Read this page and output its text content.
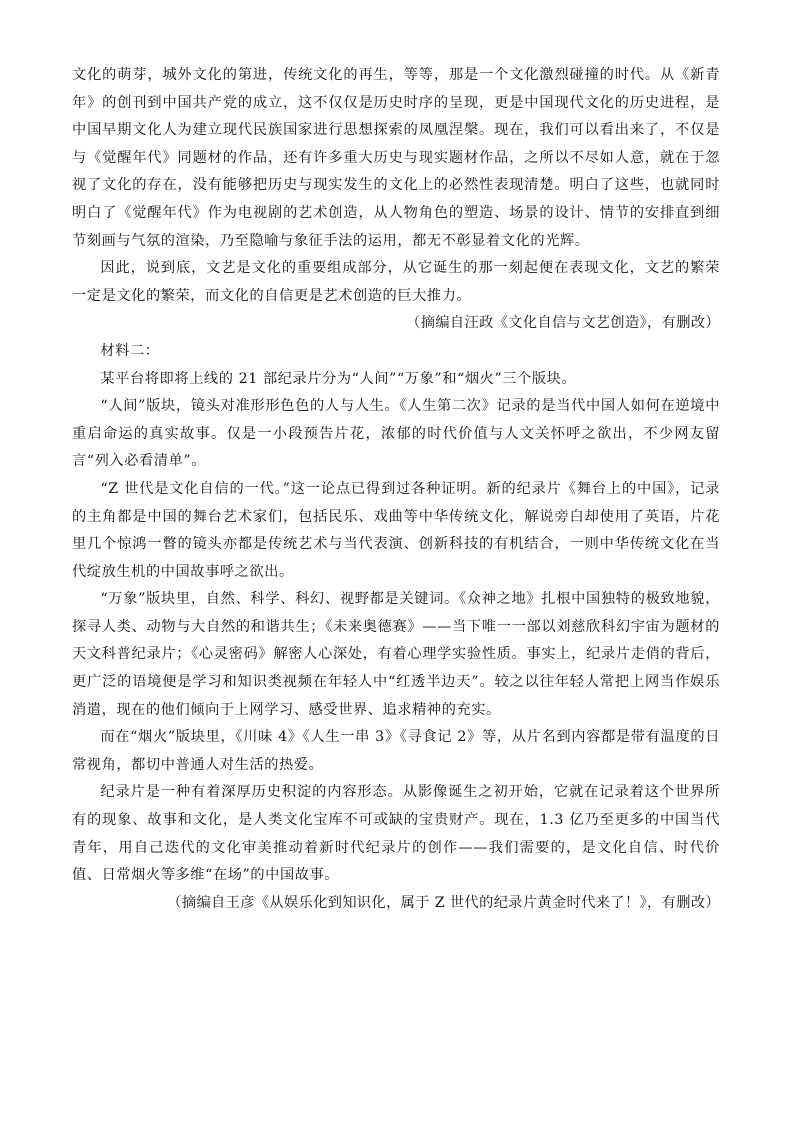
文化的萌芽，城外文化的第进，传统文化的再生，等等，那是一个文化激烈碰撞的时代。从《新青年》的创刊到中国共产党的成立，这不仅仅是历史时序的呈现，更是中国现代文化的历史进程，是中国早期文化人为建立现代民族国家进行思想探索的凤凰涅槃。现在，我们可以看出来了，不仅是与《觉醒年代》同题材的作品，还有许多重大历史与现实题材作品，之所以不尽如人意，就在于忽视了文化的存在，没有能够把历史与现实发生的文化上的必然性表现清楚。明白了这些，也就同时明白了《觉醒年代》作为电视剧的艺术创造，从人物角色的塑造、场景的设计、情节的安排直到细节刻画与气氛的渲染，乃至隐喻与象征手法的运用，都无不彰显着文化的光辉。

因此，说到底，文艺是文化的重要组成部分，从它诞生的那一刻起便在表现文化，文艺的繁荣一定是文化的繁荣，而文化的自信更是艺术创造的巨大推力。

（摘编自汪政《文化自信与文艺创造》，有删改）

材料二：

某平台将即将上线的 21 部纪录片分为“人间”“万象”和“烟火”三个版块。

“人间”版块，镜头对准形形色色的人与人生。《人生第二次》记录的是当代中国人如何在逆境中重启命运的真实故事。仅是一小段预告片花，浓郁的时代价值与人文关怀呼之欲出，不少网友留言“列入必看清单”。

“Z 世代是文化自信的一代。”这一论点已得到过各种证明。新的纪录片《舞台上的中国》，记录的主角都是中国的舞台艺术家们，包括民乐、戏曲等中华传统文化，解说旁白却使用了英语，片花里几个惊鸿一瞥的镜头亦都是传统艺术与当代表演、创新科技的有机结合，一则中华传统文化在当代绽放生机的中国故事呼之欲出。

“万象”版块里，自然、科学、科幻、视野都是关键词。《众神之地》扎根中国独特的极致地貌，探寻人类、动物与大自然的和谐共生；《未来奥德赛》——当下唯一一部以刘慈欣科幻宇宙为题材的天文科普纪录片；《心灵密码》解密人心深处，有着心理学实验性质。事实上，纪录片走俏的背后，更广泛的语境便是学习和知识类视频在年轻人中“红透半边天”。较之以往年轻人常把上网当作娱乐消遣，现在的他们倾向于上网学习、感受世界、追求精神的充实。

而在“烟火”版块里，《川味 4》《人生一串 3》《寻食记 2》等，从片名到内容都是带有温度的日常视角，都切中普通人对生活的热爱。

纪录片是一种有着深厚历史积淀的内容形态。从影像诞生之初开始，它就在记录着这个世界所有的现象、故事和文化，是人类文化宝库不可或缺的宝贵财产。现在，1.3 亿乃至更多的中国当代青年，用自己迭代的文化审美推动着新时代纪录片的创作——我们需要的，是文化自信、时代价值、日常烟火等多维“在场”的中国故事。

（摘编自王彦《从娱乐化到知识化，属于 Z 世代的纪录片黄金时代来了！》，有删改）
